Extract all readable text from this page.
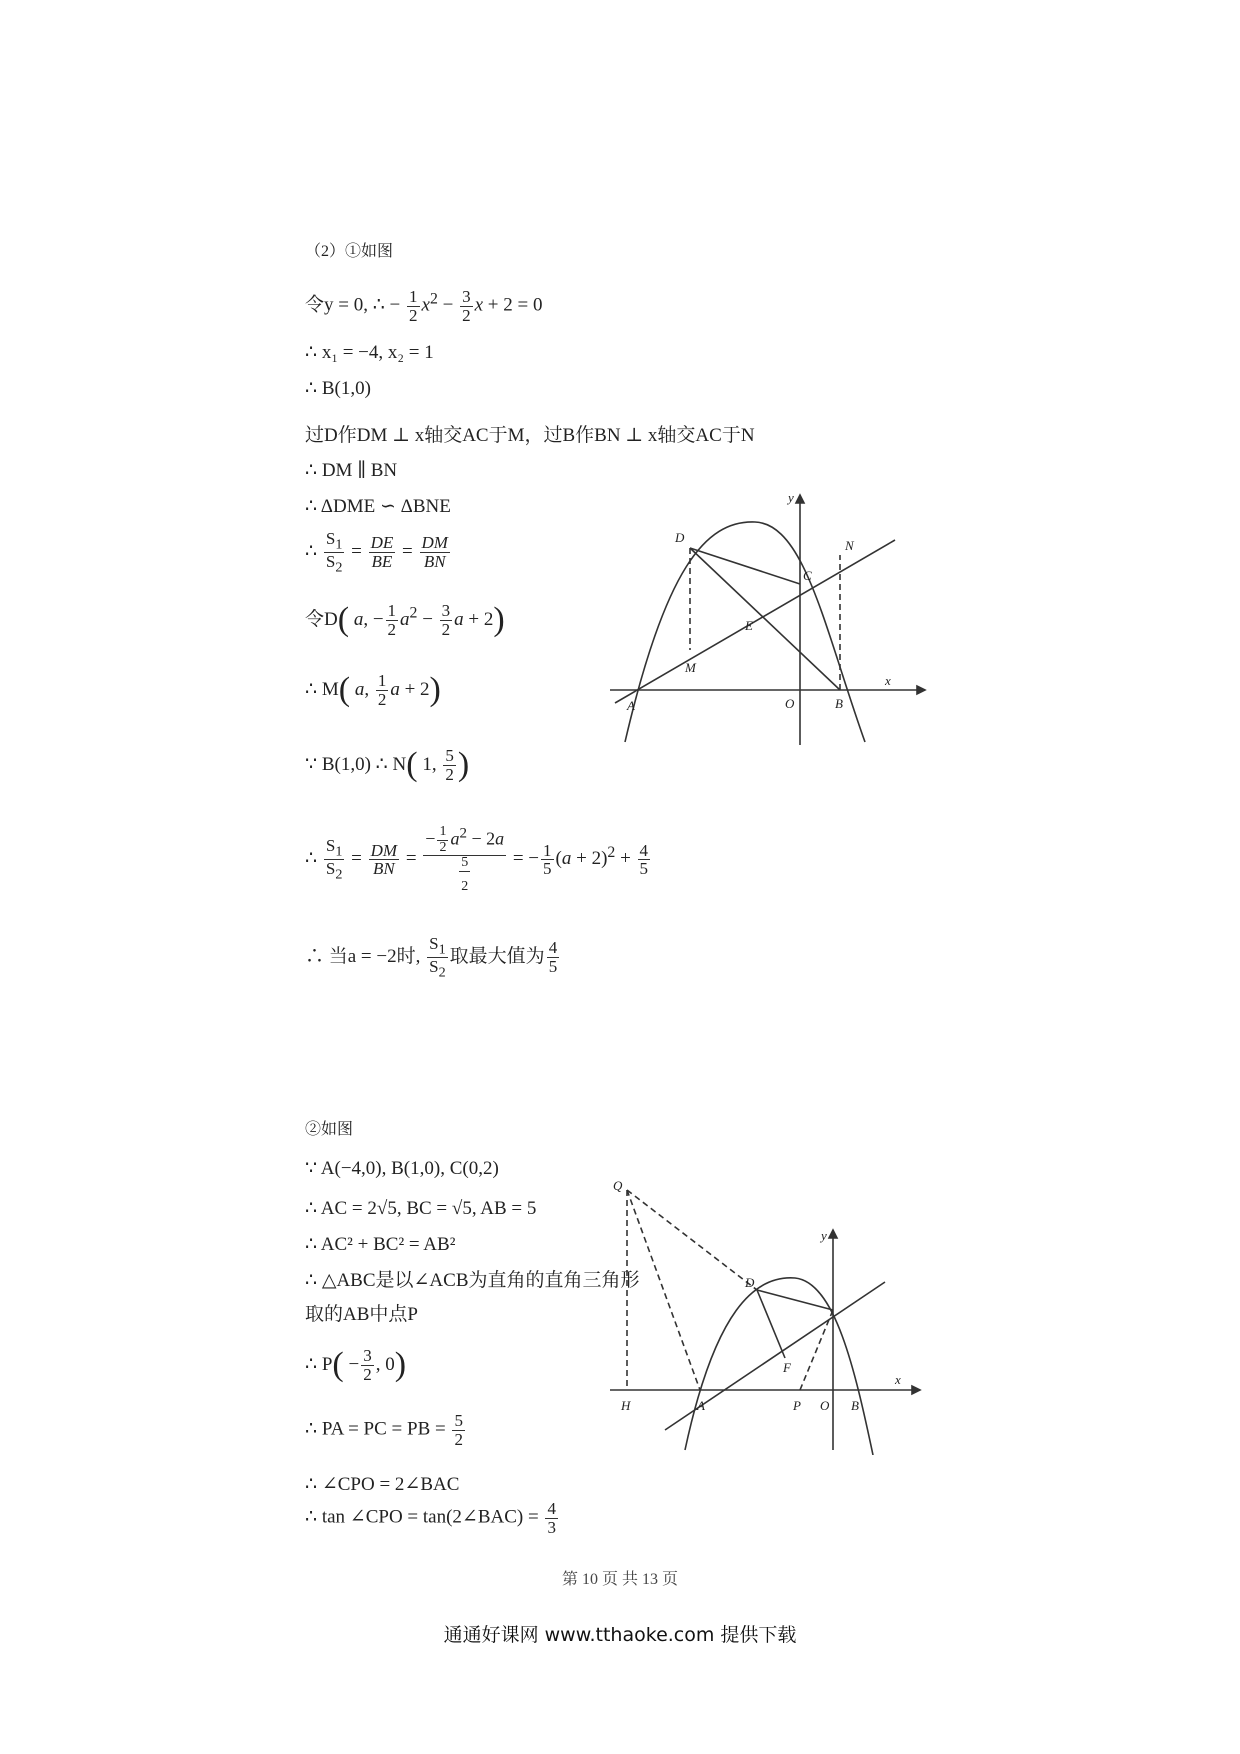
（2）①如图
令y = 0, ∴ − $\frac{1}{2} x^2 - \frac{3}{2}$ x + 2 = 0
∴ x₁ = −4, x₂ = 1
∴ B(1,0)
过D作DM ⊥ x轴交AC于M，过B作BN ⊥ x轴交AC于N
∴ DM ∥ BN
∴ ΔDME ∽ ΔBNE
∴ $\frac{S_1}{S_2} = \frac{DE}{BE} = \frac{DM}{BN}$
令D( a, − $\frac{1}{2} a^2 - \frac{3}{2}$ a + 2)
∴ M( a, $\frac{1}{2}$ a + 2)
∵ B(1,0) ∴ N( 1, $\frac{5}{2}$ )
∴ $\frac{S_1}{S_2} = \frac{DM}{BN} = \frac{- \frac{1}{2} a^2 - 2a}{\frac{5}{2}}$ = − $\frac{1}{5} (a + 2)^2 + \frac{4}{5}$
∴ 当a = −2时, $\frac{S_1}{S_2}$ 取最大值为 $\frac{4}{5}$
D
C
N
E
M
A	O	B
x
y
②如图
∵ A(−4,0), B(1,0), C(0,2)
∴ AC = 2√5, BC = √5, AB = 5
∴ AC² + BC² = AB²
∴ △ABC是以∠ACB为直角的直角三角形
取的AB中点P
∴ $P( - \frac{3}{2}$ , 0)
∴ PA = PC = PB = $\frac{5}{2}$
∴ ∠CPO = 2∠BAC
∴ tan ∠CPO = tan(2∠BAC) = $\frac{4}{3}$
Q
D
F
H	A	P O B
x
y
第 10 页 共 13 页
通通好课网 www.tthaoke.com 提供下载
